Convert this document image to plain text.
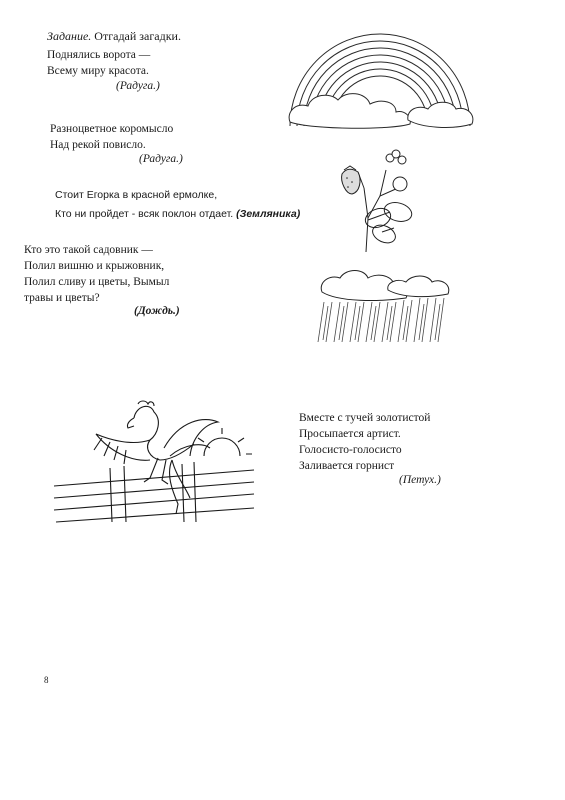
Задание. Отгадай загадки.
Поднялись ворота —
Всему миру красота.
(Радуга.)
Разноцветное коромысло
Над рекой повисло.
(Радуга.)
Стоит Егорка в красной ермолке,
Кто ни пройдет - всяк поклон отдает. (Земляника)
Кто это такой садовник —
Полил вишню и крыжовник,
Полил сливу и цветы, Вымыл
травы и цветы?
(Дождь.)
Вместе с тучей золотистой
Просыпается артист.
Голосисто-голосисто
Заливается горнист
(Петух.)
8
